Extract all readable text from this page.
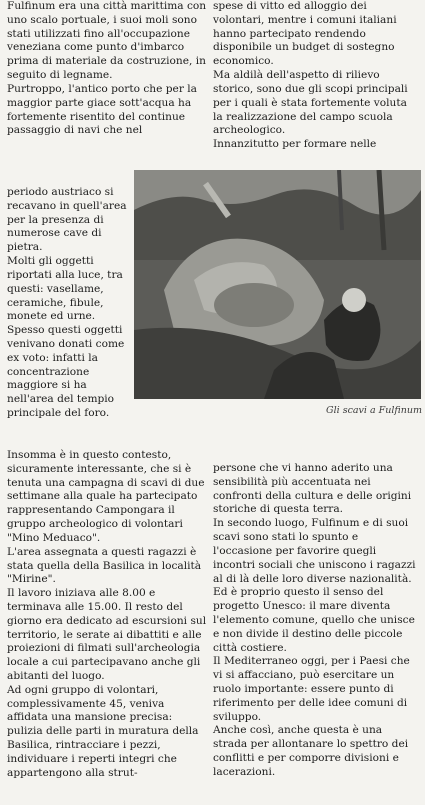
Fulfinum era una città marittima con uno scalo portuale, i suoi moli sono stati utilizzati fino all'occupazione veneziana come punto d'imbarco prima di materiale da costruzione, in seguito di legname.

Purtroppo, l'antico porto che per la maggior parte giace sott'acqua ha fortemente risentito del continue passaggio di navi che nel

periodo austriaco si recavano in quell'area per la presenza di numerose cave di pietra.

Molti gli oggetti riportati alla luce, tra questi: vasellame, ceramiche, fibule, monete ed urne. Spesso questi oggetti venivano donati come ex voto: infatti la concentrazione maggiore si ha nell'area del tempio principale del foro.

Insomma è in questo contesto, sicuramente interessante, che si è tenuta una campagna di scavi di due settimane alla quale ha partecipato rappresentando Campongara il gruppo archeologico di volontari "Mino Meduaco".

L'area assegnata a questi ragazzi è stata quella della Basilica in località "Mirine".

Il lavoro iniziava alle 8.00 e terminava alle 15.00. Il resto del giorno era dedicato ad escursioni sul territorio, le serate ai dibattiti e alle proiezioni di filmati sull'archeologia locale a cui partecipavano anche gli abitanti del luogo.

Ad ogni gruppo di volontari, complessivamente 45, veniva affidata una mansione precisa: pulizia delle parti in muratura della Basilica, rintracciare i pezzi, individuare i reperti integri che appartengono alla strut-

spese di vitto ed alloggio dei volontari, mentre i comuni italiani hanno partecipato rendendo disponibile un budget di sostegno economico.

Ma aldilà dell'aspetto di rilievo storico, sono due gli scopi principali per i quali è stata fortemente voluta la realizzazione del campo scuola archeologico.

Innanzitutto per formare nelle

Gli scavi a Fulfinum

persone che vi hanno aderito una sensibilità più accentuata nei confronti della cultura e delle origini storiche di questa terra.

In secondo luogo, Fulfinum e di suoi scavi sono stati lo spunto e l'occasione per favorire quegli incontri sociali che uniscono i ragazzi al di là delle loro diverse nazionalità.

Ed è proprio questo il senso del progetto Unesco: il mare diventa l'elemento comune, quello che unisce e non divide il destino delle piccole città costiere.

Il Mediterraneo oggi, per i Paesi che vi si affacciano, può esercitare un ruolo importante: essere punto di riferimento per delle idee comuni di sviluppo.

Anche così, anche questa è una strada per allontanare lo spettro dei conflitti e per comporre divisioni e lacerazioni.
